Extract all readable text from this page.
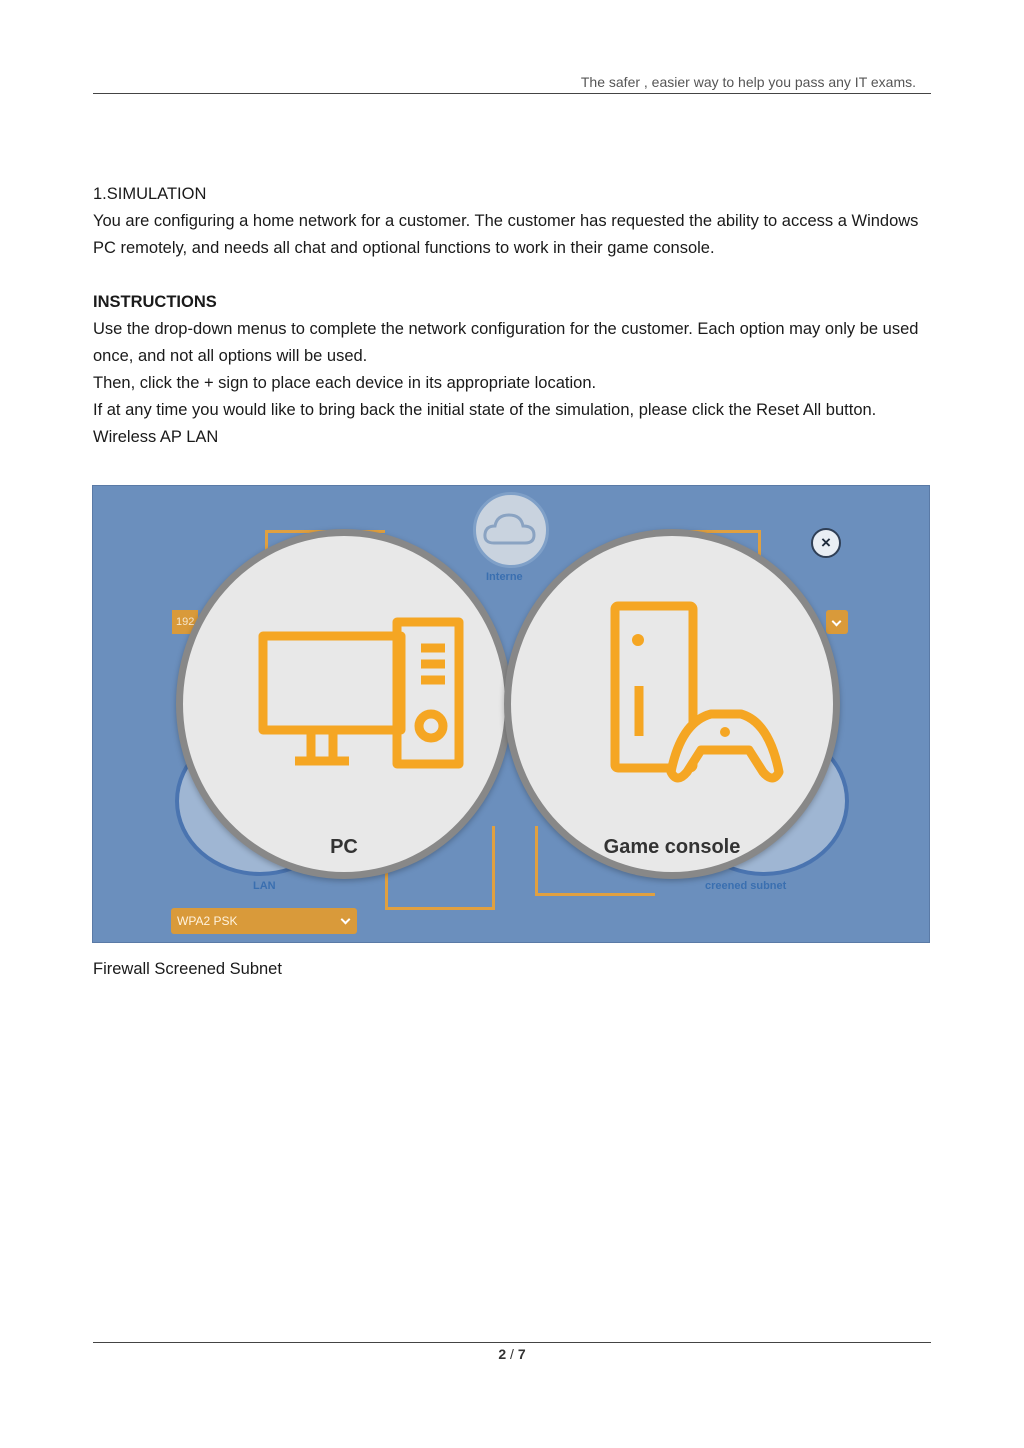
The safer , easier way to help you pass any IT exams.

1.SIMULATION

You are configuring a home network for a customer. The customer has requested the ability to access a Windows PC remotely, and needs all chat and optional functions to work in their game console.

INSTRUCTIONS

Use the drop-down menus to complete the network configuration for the customer. Each option may only be used once, and not all options will be used.

Then, click the + sign to place each device in its appropriate location.

If at any time you would like to bring back the initial state of the simulation, please click the Reset All button.

Wireless AP LAN

Interne
×
192
LAN	creened subnet
WPA2 PSK
PC	Game console
Firewall Screened Subnet
2 / 7
